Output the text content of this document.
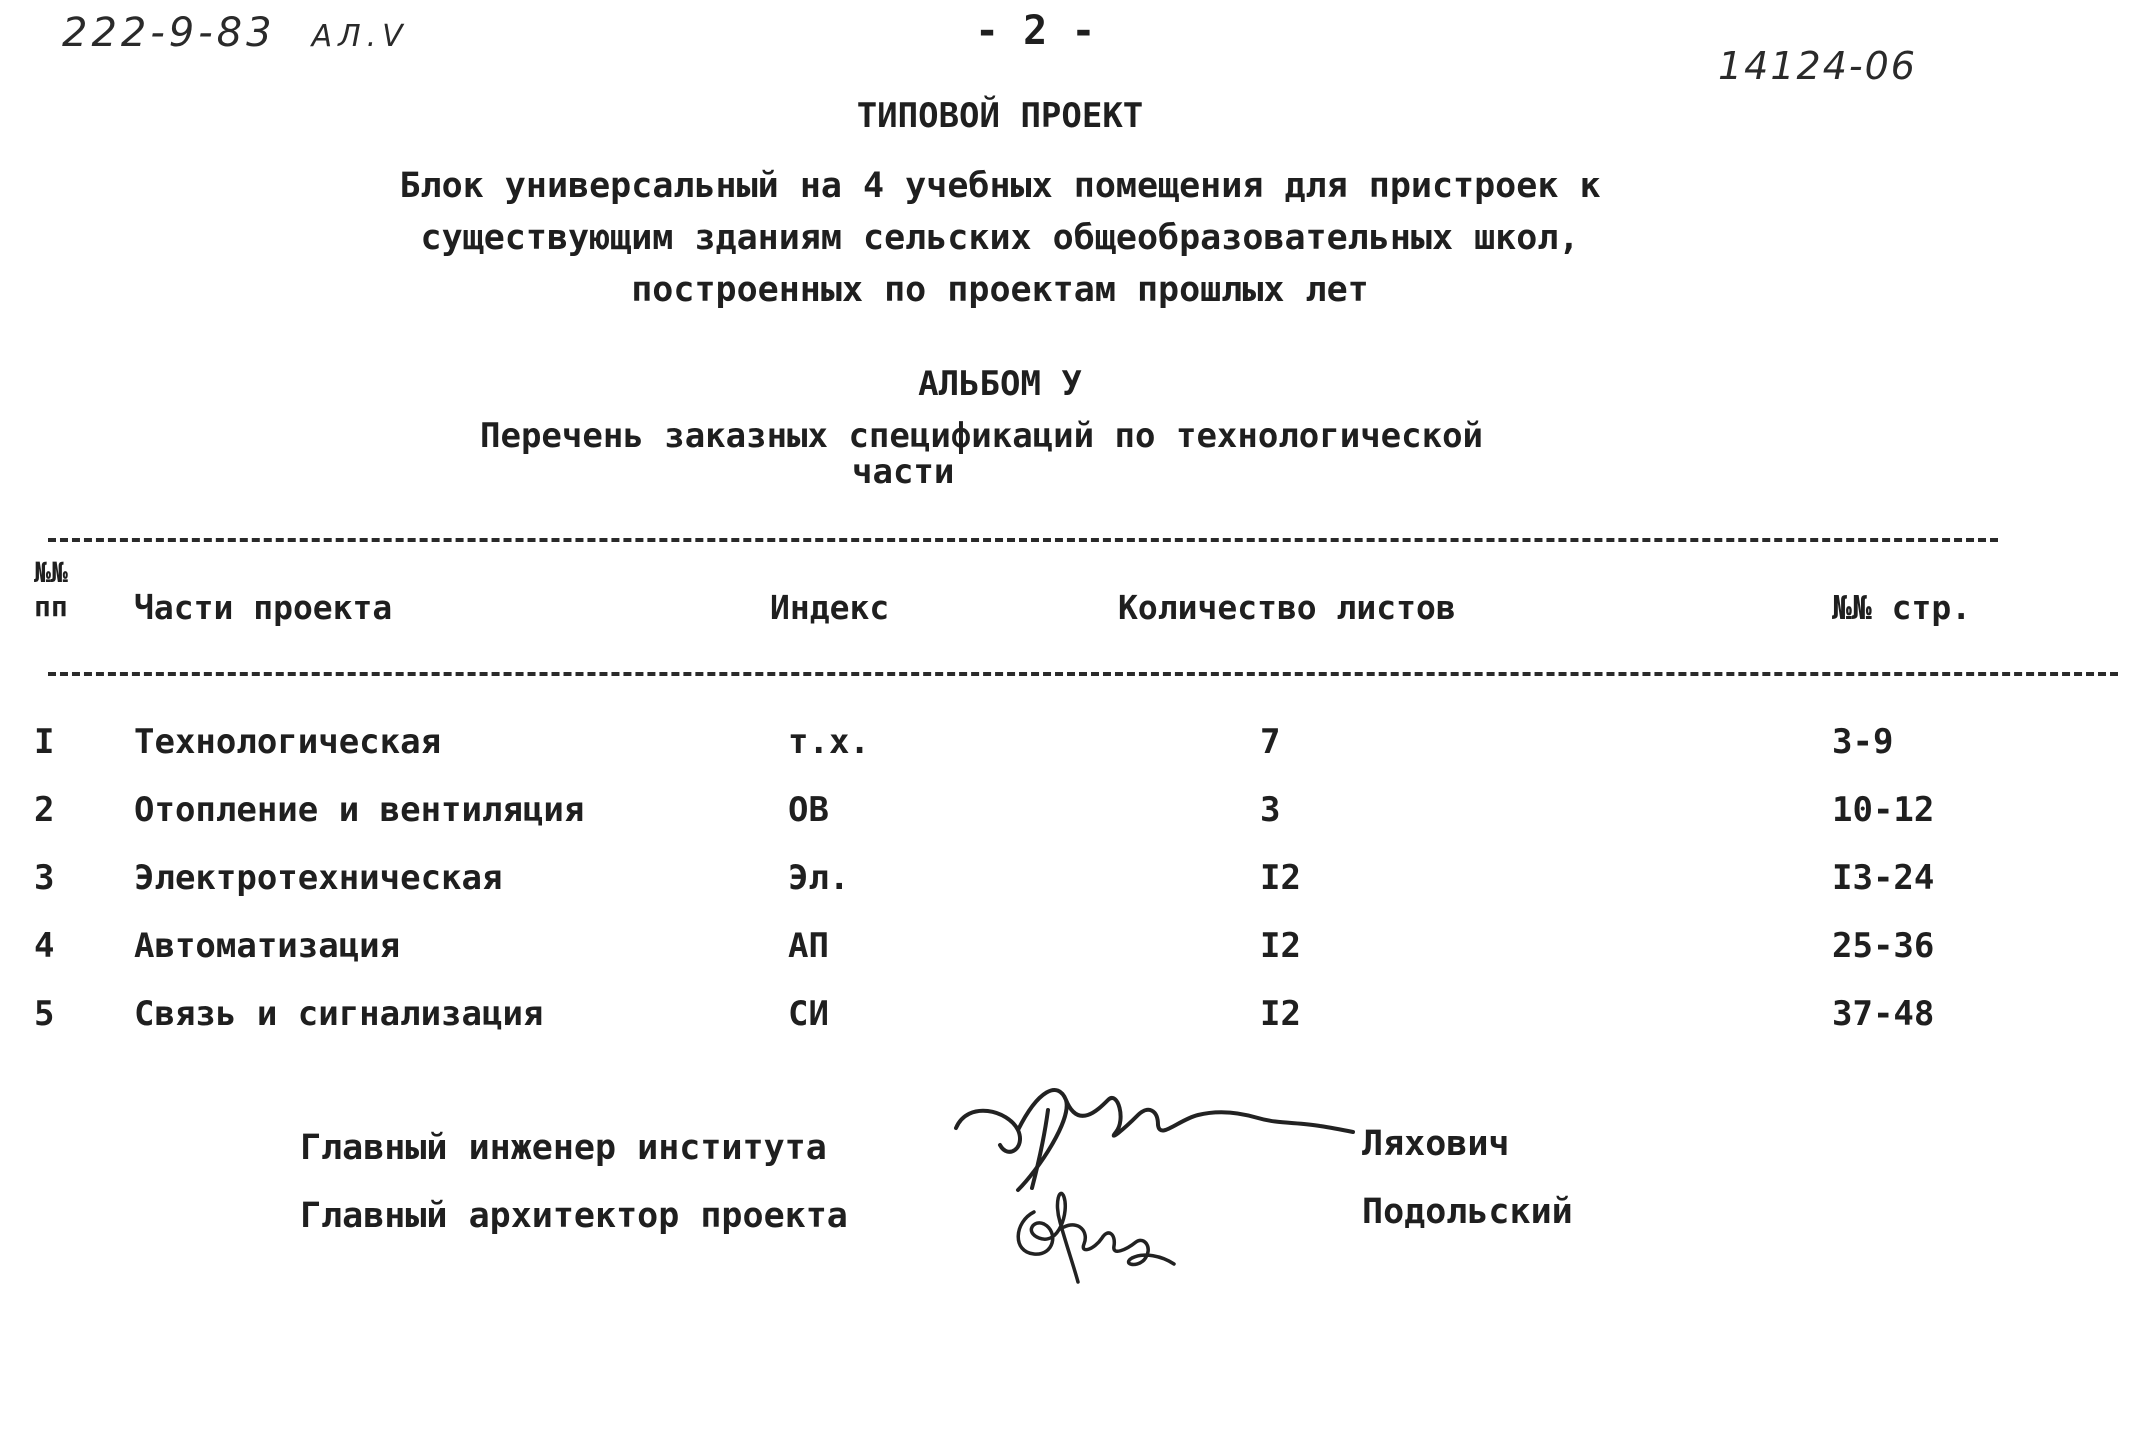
222-9-83 АЛ.Ⅴ	- 2 -
14124-06
ТИПОВОЙ ПРОЕКТ
Блок универсальный на 4 учебных помещения для пристроек к
существующим зданиям сельских общеобразовательных школ,
построенных по проектам прошлых лет
АЛЬБОМ У
Перечень заказных спецификаций по технологической
части
№№ пп	Части проекта	Индекс	Количество листов	№№ стр.
I Технологическая	т.х.	7	3-9
2 Отопление и вентиляция	ОВ	3	10-12
3 Электротехническая	Эл.	I2	I3-24
4 Автоматизация	АП	I2	25-36
5 Связь и сигнализация	СИ	I2	37-48
Главный инженер института
Главный архитектор проекта
Ляхович
Подольский
